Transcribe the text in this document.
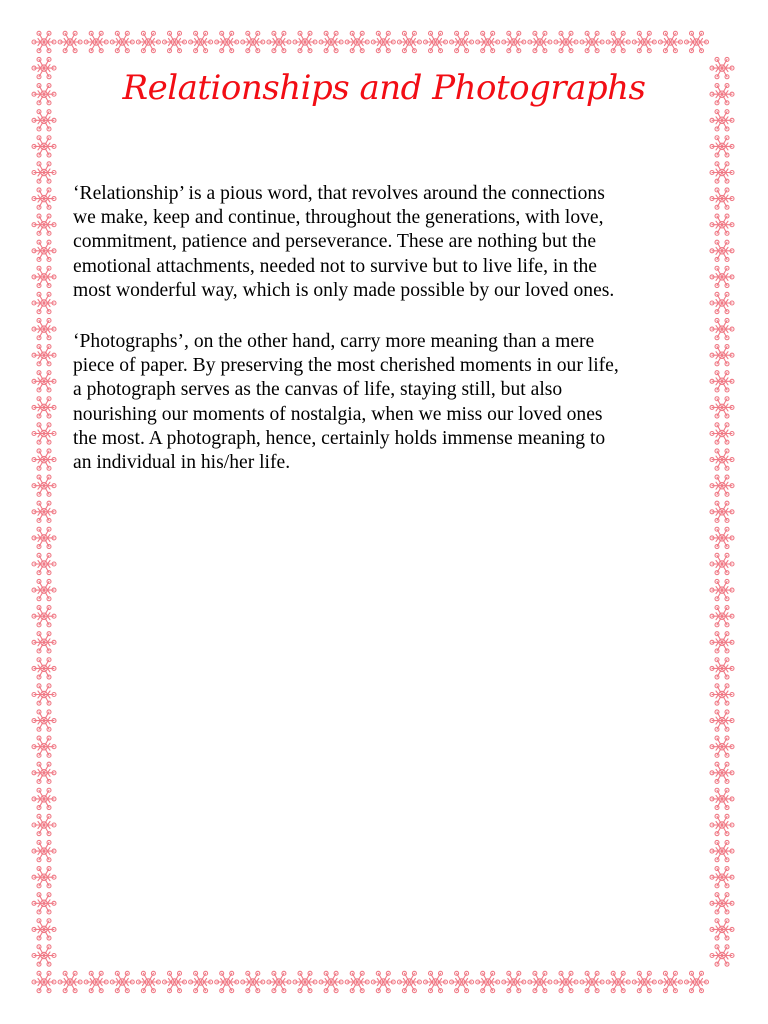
Relationships and Photographs

‘Relationship’ is a pious word, that revolves around the connections
we make, keep and continue, throughout the generations, with love,
commitment, patience and perseverance. These are nothing but the
emotional attachments, needed not to survive but to live life, in the
most wonderful way, which is only made possible by our loved ones.

‘Photographs’, on the other hand, carry more meaning than a mere
piece of paper. By preserving the most cherished moments in our life,
a photograph serves as the canvas of life, staying still, but also
nourishing our moments of nostalgia, when we miss our loved ones
the most. A photograph, hence, certainly holds immense meaning to
an individual in his/her life.
